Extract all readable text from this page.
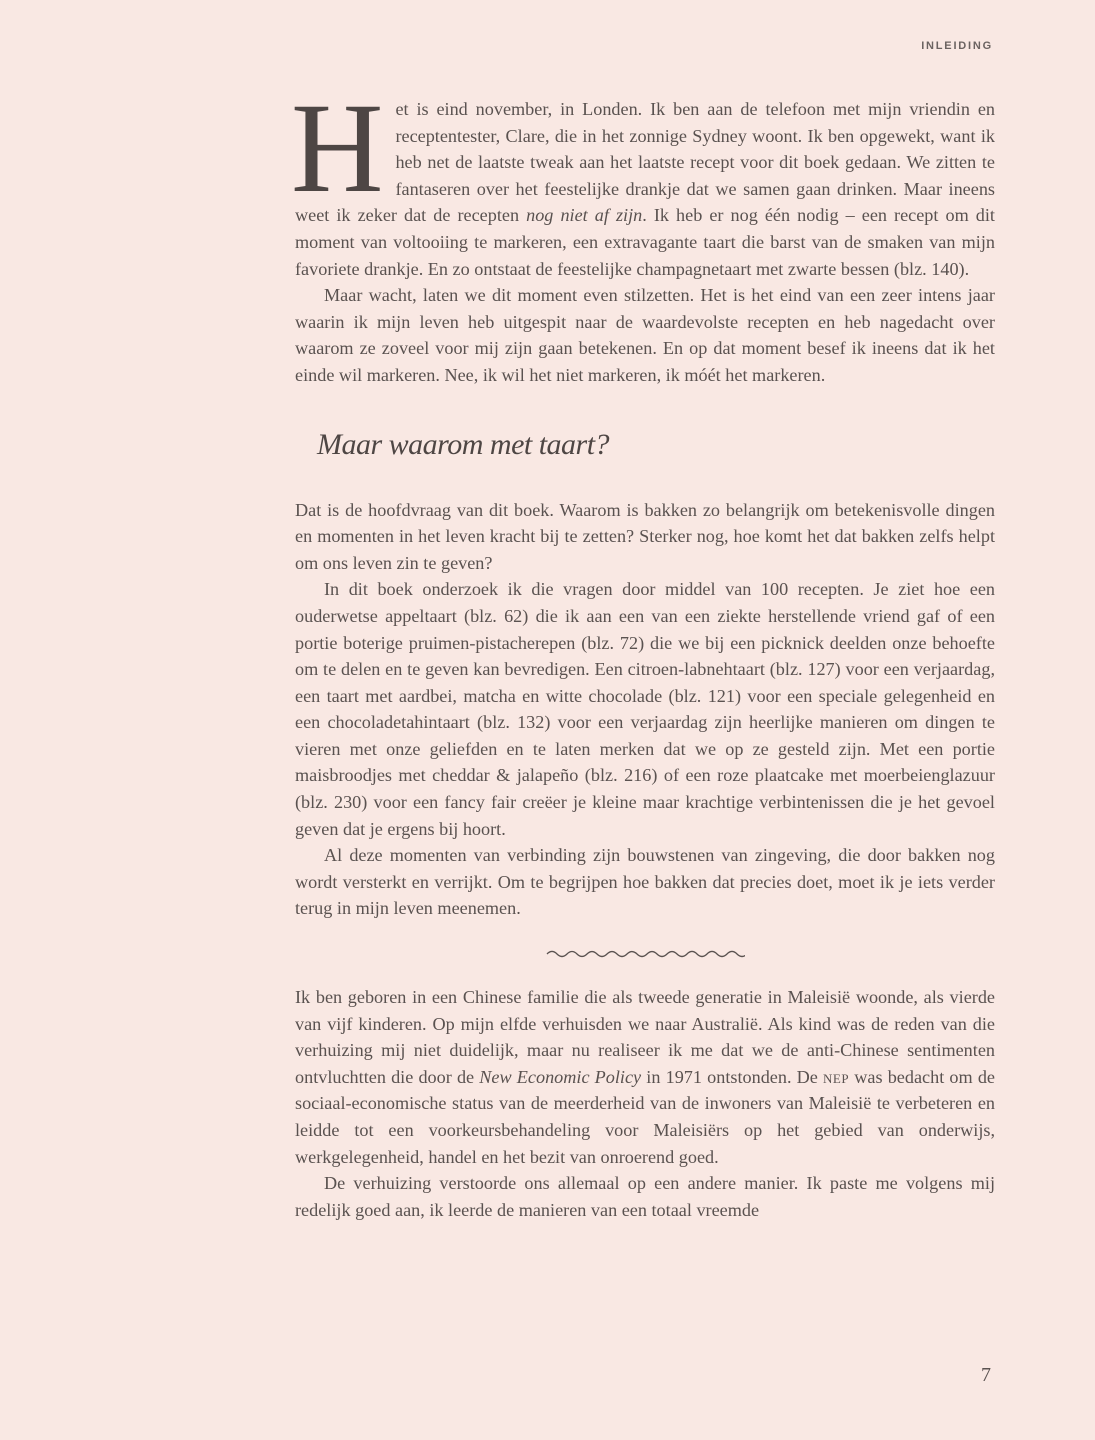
INLEIDING

Het is eind november, in Londen. Ik ben aan de telefoon met mijn vriendin en receptentester, Clare, die in het zonnige Sydney woont. Ik ben opgewekt, want ik heb net de laatste tweak aan het laatste recept voor dit boek gedaan. We zitten te fantaseren over het feestelijke drankje dat we samen gaan drinken. Maar ineens weet ik zeker dat de recepten nog niet af zijn. Ik heb er nog één nodig – een recept om dit moment van voltooiing te markeren, een extravagante taart die barst van de smaken van mijn favoriete drankje. En zo ontstaat de feestelijke champagnetaart met zwarte bessen (blz. 140).

Maar wacht, laten we dit moment even stilzetten. Het is het eind van een zeer intens jaar waarin ik mijn leven heb uitgespit naar de waardevolste recepten en heb nagedacht over waarom ze zoveel voor mij zijn gaan betekenen. En op dat moment besef ik ineens dat ik het einde wil markeren. Nee, ik wil het niet markeren, ik móét het markeren.

Maar waarom met taart?

Dat is de hoofdvraag van dit boek. Waarom is bakken zo belangrijk om betekenisvolle dingen en momenten in het leven kracht bij te zetten? Sterker nog, hoe komt het dat bakken zelfs helpt om ons leven zin te geven?

In dit boek onderzoek ik die vragen door middel van 100 recepten. Je ziet hoe een ouderwetse appeltaart (blz. 62) die ik aan een van een ziekte herstellende vriend gaf of een portie boterige pruimen-pistacherepen (blz. 72) die we bij een picknick deelden onze behoefte om te delen en te geven kan bevredigen. Een citroen-labnehtaart (blz. 127) voor een verjaardag, een taart met aardbei, matcha en witte chocolade (blz. 121) voor een speciale gelegenheid en een chocoladetahintaart (blz. 132) voor een verjaardag zijn heerlijke manieren om dingen te vieren met onze geliefden en te laten merken dat we op ze gesteld zijn. Met een portie maisbroodjes met cheddar & jalapeño (blz. 216) of een roze plaatcake met moerbeienglazuur (blz. 230) voor een fancy fair creëer je kleine maar krachtige verbintenissen die je het gevoel geven dat je ergens bij hoort.

Al deze momenten van verbinding zijn bouwstenen van zingeving, die door bakken nog wordt versterkt en verrijkt. Om te begrijpen hoe bakken dat precies doet, moet ik je iets verder terug in mijn leven meenemen.

Ik ben geboren in een Chinese familie die als tweede generatie in Maleisië woonde, als vierde van vijf kinderen. Op mijn elfde verhuisden we naar Australië. Als kind was de reden van die verhuizing mij niet duidelijk, maar nu realiseer ik me dat we de anti-Chinese sentimenten ontvluchtten die door de New Economic Policy in 1971 ontstonden. De nep was bedacht om de sociaal-economische status van de meerderheid van de inwoners van Maleisië te verbeteren en leidde tot een voorkeursbehandeling voor Maleisiërs op het gebied van onderwijs, werkgelegenheid, handel en het bezit van onroerend goed.

De verhuizing verstoorde ons allemaal op een andere manier. Ik paste me volgens mij redelijk goed aan, ik leerde de manieren van een totaal vreemde

7
